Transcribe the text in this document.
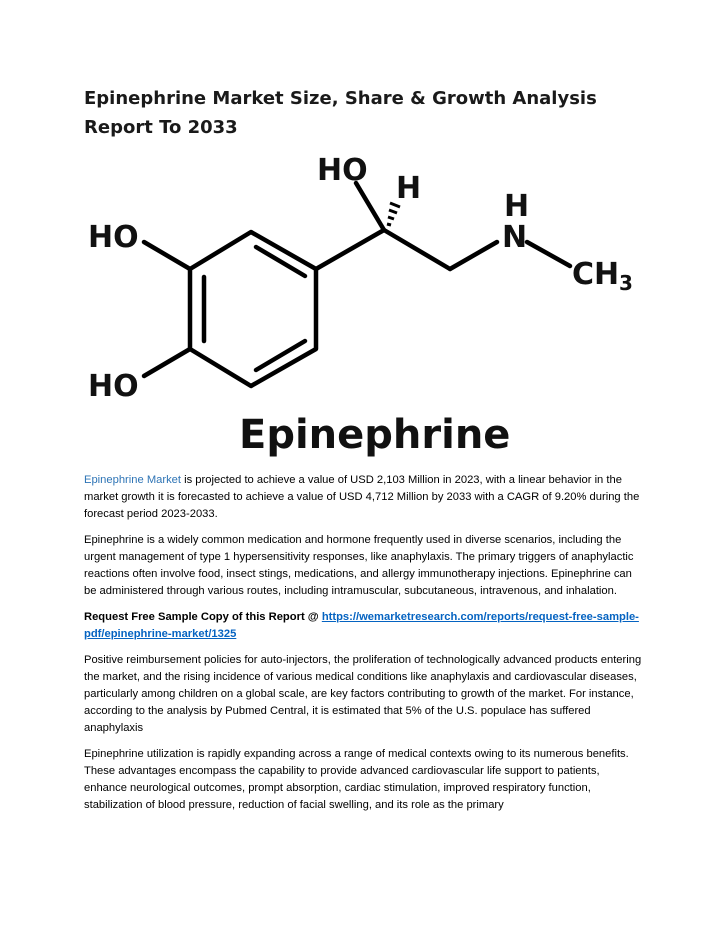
Epinephrine Market Size, Share & Growth Analysis Report To 2033
HO
H
H
N
CH 3
HO
HO
Epinephrine

Epinephrine Market is projected to achieve a value of USD 2,103 Million in 2023, with a linear behavior in the market growth it is forecasted to achieve a value of USD 4,712 Million by 2033 with a CAGR of 9.20% during the forecast period 2023-2033.

Epinephrine is a widely common medication and hormone frequently used in diverse scenarios, including the urgent management of type 1 hypersensitivity responses, like anaphylaxis. The primary triggers of anaphylactic reactions often involve food, insect stings, medications, and allergy immunotherapy injections. Epinephrine can be administered through various routes, including intramuscular, subcutaneous, intravenous, and inhalation.

Request Free Sample Copy of this Report @ https://wemarketresearch.com/reports/request-free-sample-pdf/epinephrine-market/1325

Positive reimbursement policies for auto-injectors, the proliferation of technologically advanced products entering the market, and the rising incidence of various medical conditions like anaphylaxis and cardiovascular diseases, particularly among children on a global scale, are key factors contributing to growth of the market. For instance, according to the analysis by Pubmed Central, it is estimated that 5% of the U.S. populace has suffered anaphylaxis

Epinephrine utilization is rapidly expanding across a range of medical contexts owing to its numerous benefits. These advantages encompass the capability to provide advanced cardiovascular life support to patients, enhance neurological outcomes, prompt absorption, cardiac stimulation, improved respiratory function, stabilization of blood pressure, reduction of facial swelling, and its role as the primary
